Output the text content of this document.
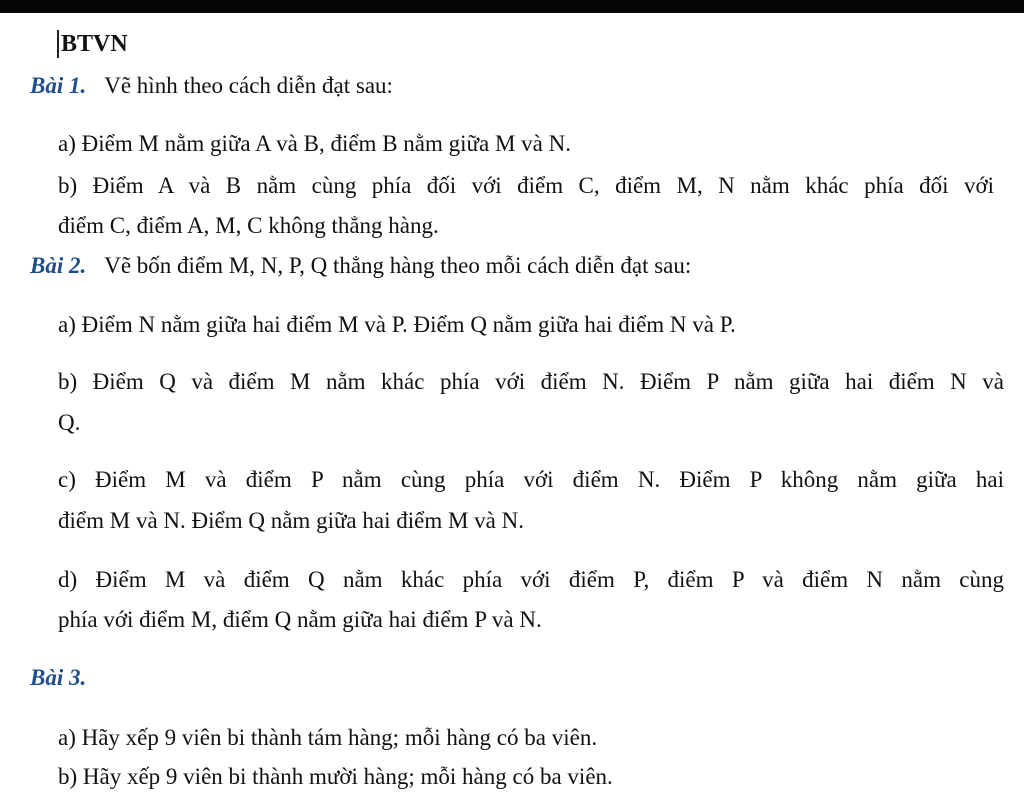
BTVN
Bài 1. Vẽ hình theo cách diễn đạt sau:
a) Điểm M nằm giữa A và B, điểm B nằm giữa M và N.
b) Điểm A và B nằm cùng phía đối với điểm C, điểm M, N nằm khác phía đối với
điểm C, điểm A, M, C không thẳng hàng.
Bài 2. Vẽ bốn điểm M, N, P, Q thẳng hàng theo mỗi cách diễn đạt sau:
a) Điểm N nằm giữa hai điểm M và P. Điểm Q nằm giữa hai điểm N và P.
b) Điểm Q và điểm M nằm khác phía với điểm N. Điểm P nằm giữa hai điểm N và
Q.
c) Điểm M và điểm P nằm cùng phía với điểm N. Điểm P không nằm giữa hai
điểm M và N. Điểm Q nằm giữa hai điểm M và N.
d) Điểm M và điểm Q nằm khác phía với điểm P, điểm P và điểm N nằm cùng
phía với điểm M, điểm Q nằm giữa hai điểm P và N.
Bài 3.
a) Hãy xếp 9 viên bi thành tám hàng; mỗi hàng có ba viên.
b) Hãy xếp 9 viên bi thành mười hàng; mỗi hàng có ba viên.
